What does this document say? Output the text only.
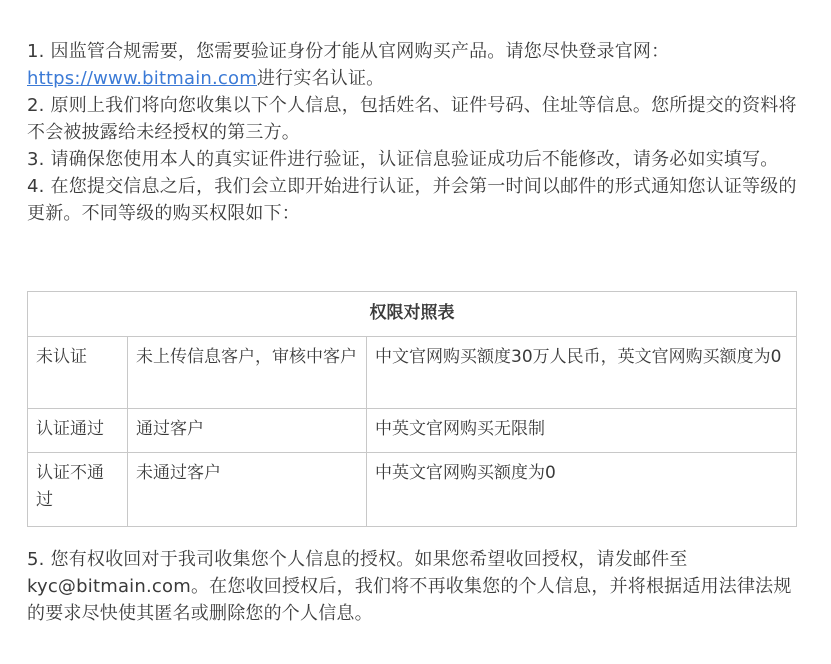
1. 因监管合规需要，您需要验证身份才能从官网购买产品。请您尽快登录官网：
https://www.bitmain.com进行实名认证。

2. 原则上我们将向您收集以下个人信息，包括姓名、证件号码、住址等信息。您所提交的资料将不会被披露给未经授权的第三方。

3. 请确保您使用本人的真实证件进行验证，认证信息验证成功后不能修改，请务必如实填写。

4. 在您提交信息之后，我们会立即开始进行认证，并会第一时间以邮件的形式通知您认证等级的更新。不同等级的购买权限如下：

权限对照表		
未认证	未上传信息客户，审核中客户	中文官网购买额度30万人民币，英文官网购买额度为0
认证通过	通过客户	中英文官网购买无限制
认证不通过	未通过客户	中英文官网购买额度为0

5. 您有权收回对于我司收集您个人信息的授权。如果您希望收回授权，请发邮件至kyc@bitmain.com。在您收回授权后，我们将不再收集您的个人信息，并将根据适用法律法规的要求尽快使其匿名或删除您的个人信息。
